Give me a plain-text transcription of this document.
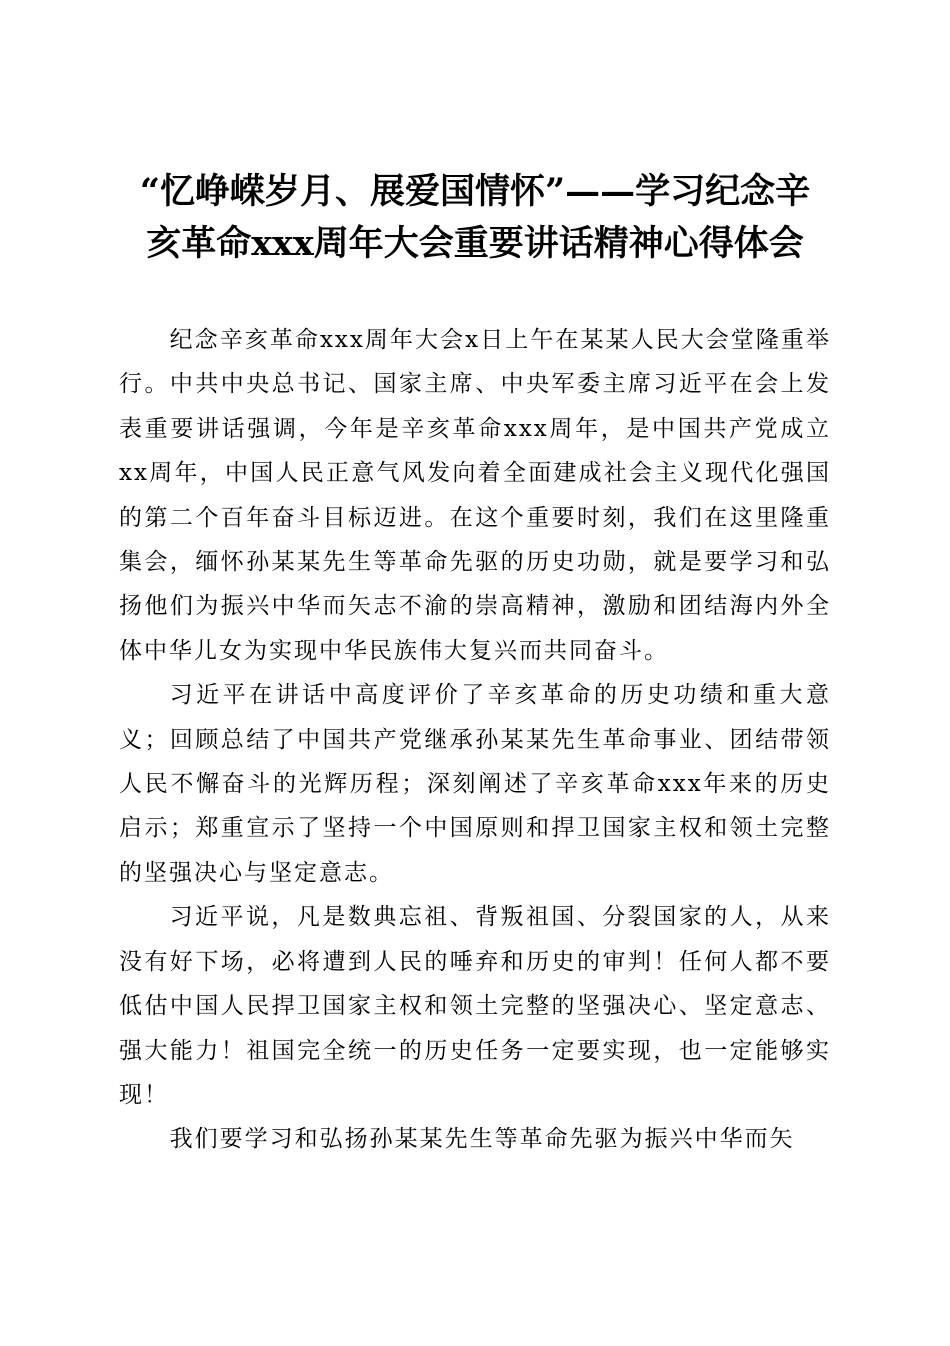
“忆峥嵘岁月、展爱国情怀”——学习纪念辛
亥革命xxx周年大会重要讲话精神心得体会

纪念辛亥革命xxx周年大会x日上午在某某人民大会堂隆重举行。中共中央总书记、国家主席、中央军委主席习近平在会上发表重要讲话强调，今年是辛亥革命xxx周年，是中国共产党成立xx周年，中国人民正意气风发向着全面建成社会主义现代化强国的第二个百年奋斗目标迈进。在这个重要时刻，我们在这里隆重集会，缅怀孙某某先生等革命先驱的历史功勋，就是要学习和弘扬他们为振兴中华而矢志不渝的崇高精神，激励和团结海内外全体中华儿女为实现中华民族伟大复兴而共同奋斗。

习近平在讲话中高度评价了辛亥革命的历史功绩和重大意义；回顾总结了中国共产党继承孙某某先生革命事业、团结带领人民不懈奋斗的光辉历程；深刻阐述了辛亥革命xxx年来的历史启示；郑重宣示了坚持一个中国原则和捍卫国家主权和领土完整的坚强决心与坚定意志。

习近平说，凡是数典忘祖、背叛祖国、分裂国家的人，从来没有好下场，必将遭到人民的唾弃和历史的审判！任何人都不要低估中国人民捍卫国家主权和领土完整的坚强决心、坚定意志、强大能力！祖国完全统一的历史任务一定要实现，也一定能够实现！

我们要学习和弘扬孙某某先生等革命先驱为振兴中华而矢
